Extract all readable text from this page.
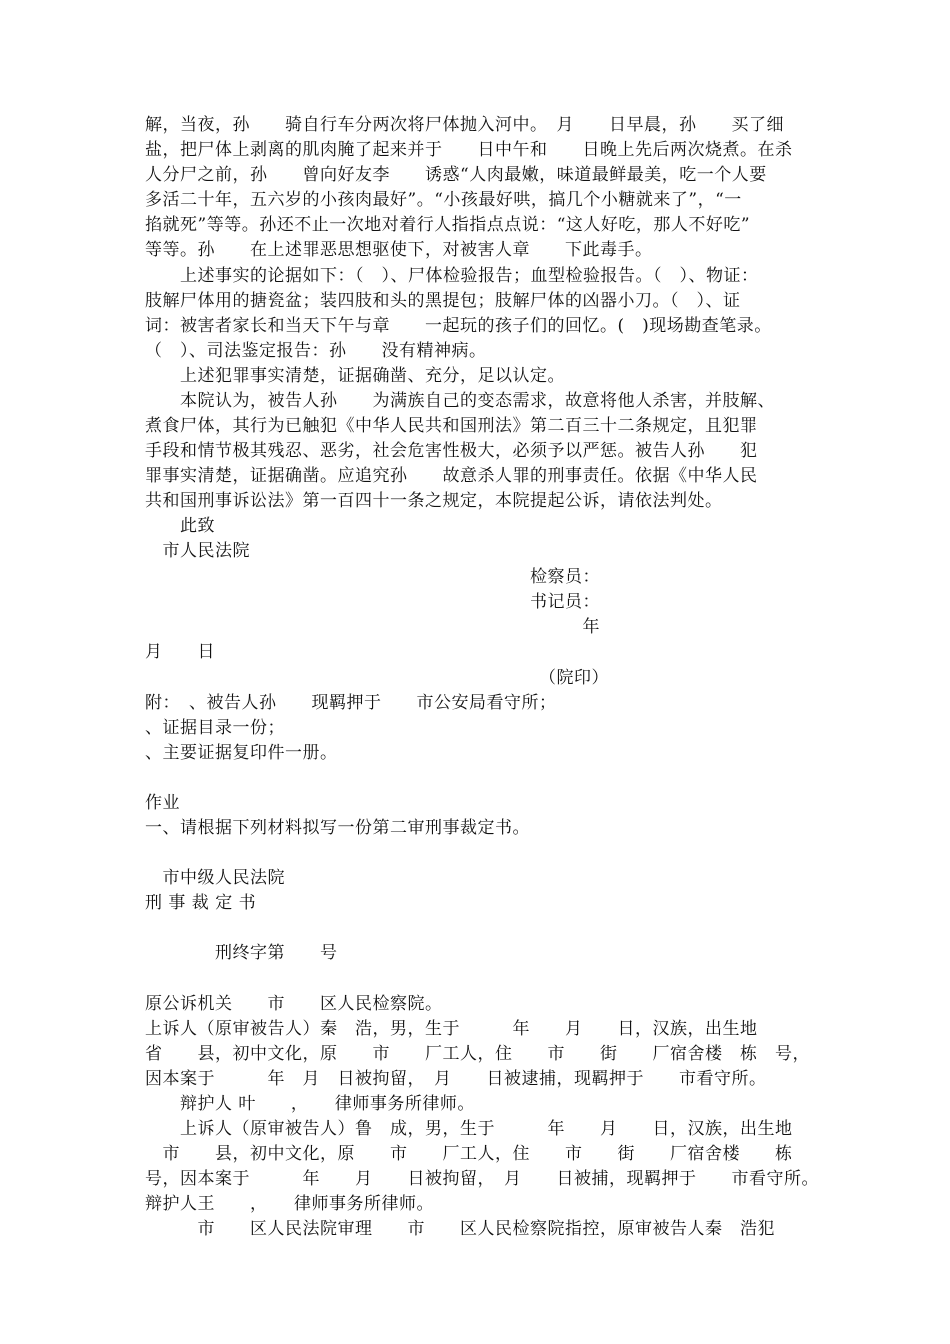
解，当夜，孙　　骑自行车分两次将尸体抛入河中。　月　　日早晨，孙　　买了细
盐，把尸体上剥离的肌肉腌了起来并于　　日中午和　　日晚上先后两次烧煮。在杀
人分尸之前，孙　　曾向好友李　　诱惑“人肉最嫩，味道最鲜最美，吃一个人要
多活二十年，五六岁的小孩肉最好”。“小孩最好哄，搞几个小糖就来了”，“一
掐就死”等等。孙还不止一次地对着行人指指点点说：“这人好吃，那人不好吃”
等等。孙　　在上述罪恶思想驱使下，对被害人章　　下此毒手。
　　上述事实的论据如下：（　）、尸体检验报告；血型检验报告。（　）、物证：
肢解尸体用的搪瓷盆；装四肢和头的黑提包；肢解尸体的凶器小刀。（　）、证
词：被害者家长和当天下午与章　　一起玩的孩子们的回忆。(　)现场勘查笔录。
（　）、司法鉴定报告：孙　　没有精神病。
　　上述犯罪事实清楚，证据确凿、充分，足以认定。
　　本院认为，被告人孙　　为满族自己的变态需求，故意将他人杀害，并肢解、
煮食尸体，其行为已触犯《中华人民共和国刑法》第二百三十二条规定，且犯罪
手段和情节极其残忍、恶劣，社会危害性极大，必须予以严惩。被告人孙　　犯
罪事实清楚，证据确凿。应追究孙　　故意杀人罪的刑事责任。依据《中华人民
共和国刑事诉讼法》第一百四十一条之规定，本院提起公诉，请依法判处。
　　此致
　市人民法院
　　　　　　　　　　　　　　　　　　　　　　检察员：
　　　　　　　　　　　　　　　　　　　　　　书记员：
　　　　　　　　　　　　　　　　　　　　　　　　　年
月　　日
　　　　　　　　　　　　　　　　　　　　　　　（院印）
附：　、被告人孙　　现羁押于　　市公安局看守所；
、证据目录一份；
、主要证据复印件一册。
作业
一、请根据下列材料拟写一份第二审刑事裁定书。
　市中级人民法院
刑 事 裁 定 书
　　　　刑终字第　　号
原公诉机关　　市　　区人民检察院。
上诉人（原审被告人）秦　浩，男，生于　　　年　　月　　日，汉族，出生地
省　　县，初中文化，原　　市　　厂工人，住　　市　　街　　厂宿舍楼　栋　号，
因本案于　　　年　月　日被拘留，　月　　日被逮捕，现羁押于　　市看守所。
　　辩护人 叶　　，　　律师事务所律师。
　　上诉人（原审被告人）鲁　成，男，生于　　　年　　月　　日，汉族，出生地
　市　　县，初中文化，原　　市　　厂工人，住　　市　　街　　厂宿舍楼　　栋
号，因本案于　　　年　　月　　日被拘留，　月　　日被捕，现羁押于　　市看守所。
辩护人王　　，　　律师事务所律师。
　　　市　　区人民法院审理　　市　　区人民检察院指控，原审被告人秦　浩犯
